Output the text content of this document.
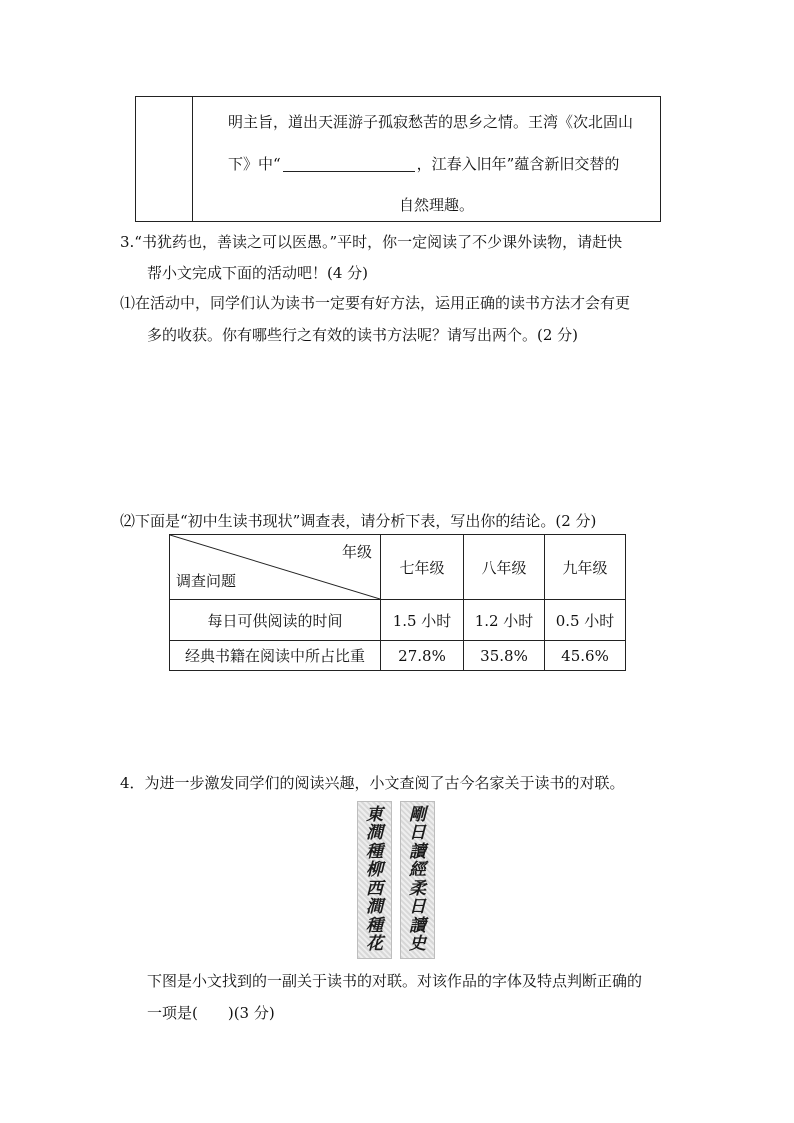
明主旨，道出天涯游子孤寂愁苦的思乡之情。王湾《次北固山
下》中“	，江春入旧年”蕴含新旧交替的
自然理趣。
3.“书犹药也，善读之可以医愚。”平时，你一定阅读了不少课外读物，请赶快
帮小文完成下面的活动吧！(4 分)
⑴在活动中，同学们认为读书一定要有好方法，运用正确的读书方法才会有更
多的收获。你有哪些行之有效的读书方法呢？请写出两个。(2 分)
⑵下面是“初中生读书现状”调查表，请分析下表，写出你的结论。(2 分)
年级
调查问题	七年级	八年级	九年级
每日可供阅读的时间	1.5 小时	1.2 小时	0.5 小时
经典书籍在阅读中所占比重	27.8%	35.8%	45.6%
4．为进一步激发同学们的阅读兴趣，小文查阅了古今名家关于读书的对联。
東
澗
種
柳
西
澗
種
花
剛
日
讀
經
柔
日
讀
史
下图是小文找到的一副关于读书的对联。对该作品的字体及特点判断正确的
一项是(　　)(3 分)
